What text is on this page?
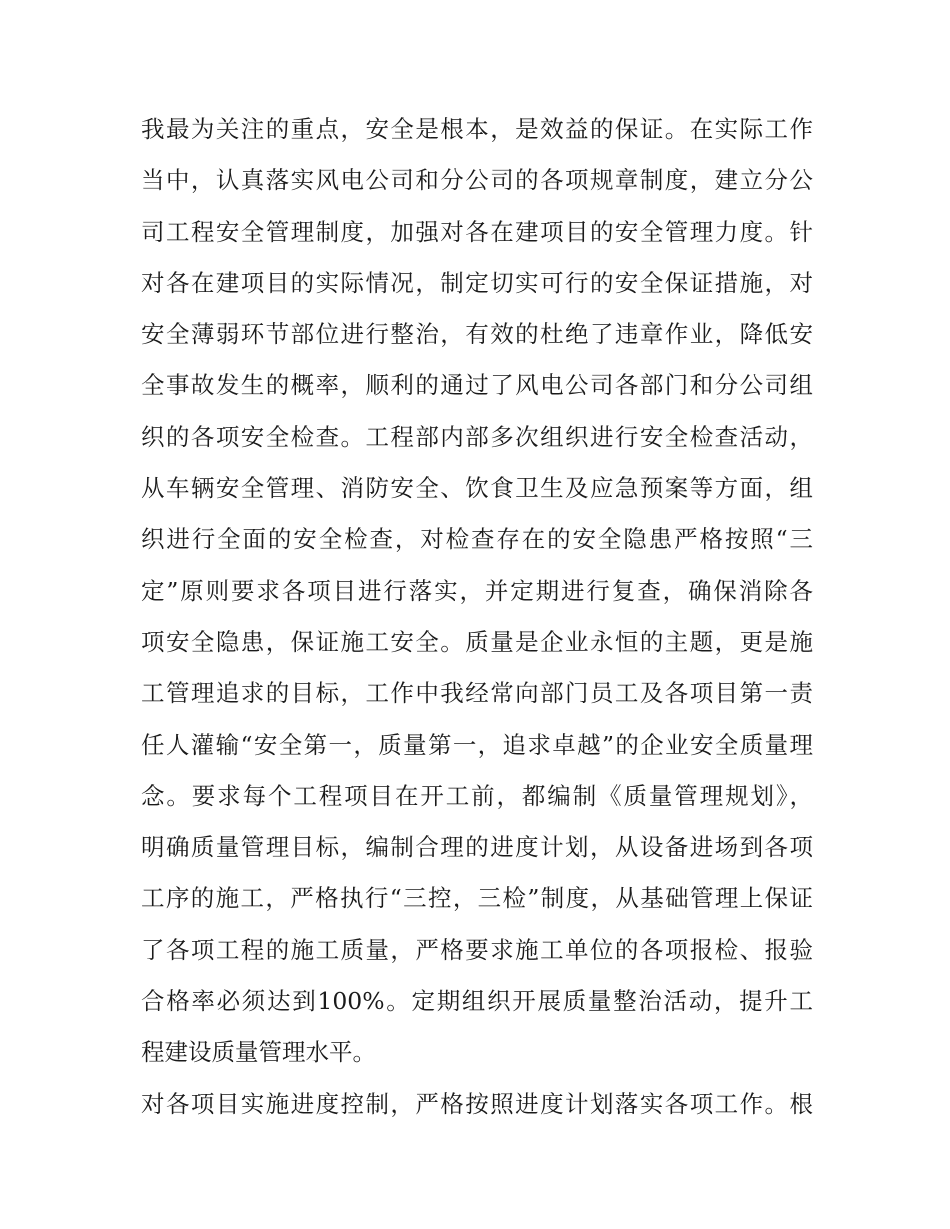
我最为关注的重点，安全是根本，是效益的保证。在实际工作
当中，认真落实风电公司和分公司的各项规章制度，建立分公
司工程安全管理制度，加强对各在建项目的安全管理力度。针
对各在建项目的实际情况，制定切实可行的安全保证措施，对
安全薄弱环节部位进行整治，有效的杜绝了违章作业，降低安
全事故发生的概率，顺利的通过了风电公司各部门和分公司组
织的各项安全检查。工程部内部多次组织进行安全检查活动，
从车辆安全管理、消防安全、饮食卫生及应急预案等方面，组
织进行全面的安全检查，对检查存在的安全隐患严格按照“三
定”原则要求各项目进行落实，并定期进行复查，确保消除各
项安全隐患，保证施工安全。质量是企业永恒的主题，更是施
工管理追求的目标，工作中我经常向部门员工及各项目第一责
任人灌输“安全第一，质量第一，追求卓越”的企业安全质量理
念。要求每个工程项目在开工前，都编制《质量管理规划》，
明确质量管理目标，编制合理的进度计划，从设备进场到各项
工序的施工，严格执行“三控，三检”制度，从基础管理上保证
了各项工程的施工质量，严格要求施工单位的各项报检、报验
合格率必须达到100%。定期组织开展质量整治活动，提升工
程建设质量管理水平。
对各项目实施进度控制，严格按照进度计划落实各项工作。根
